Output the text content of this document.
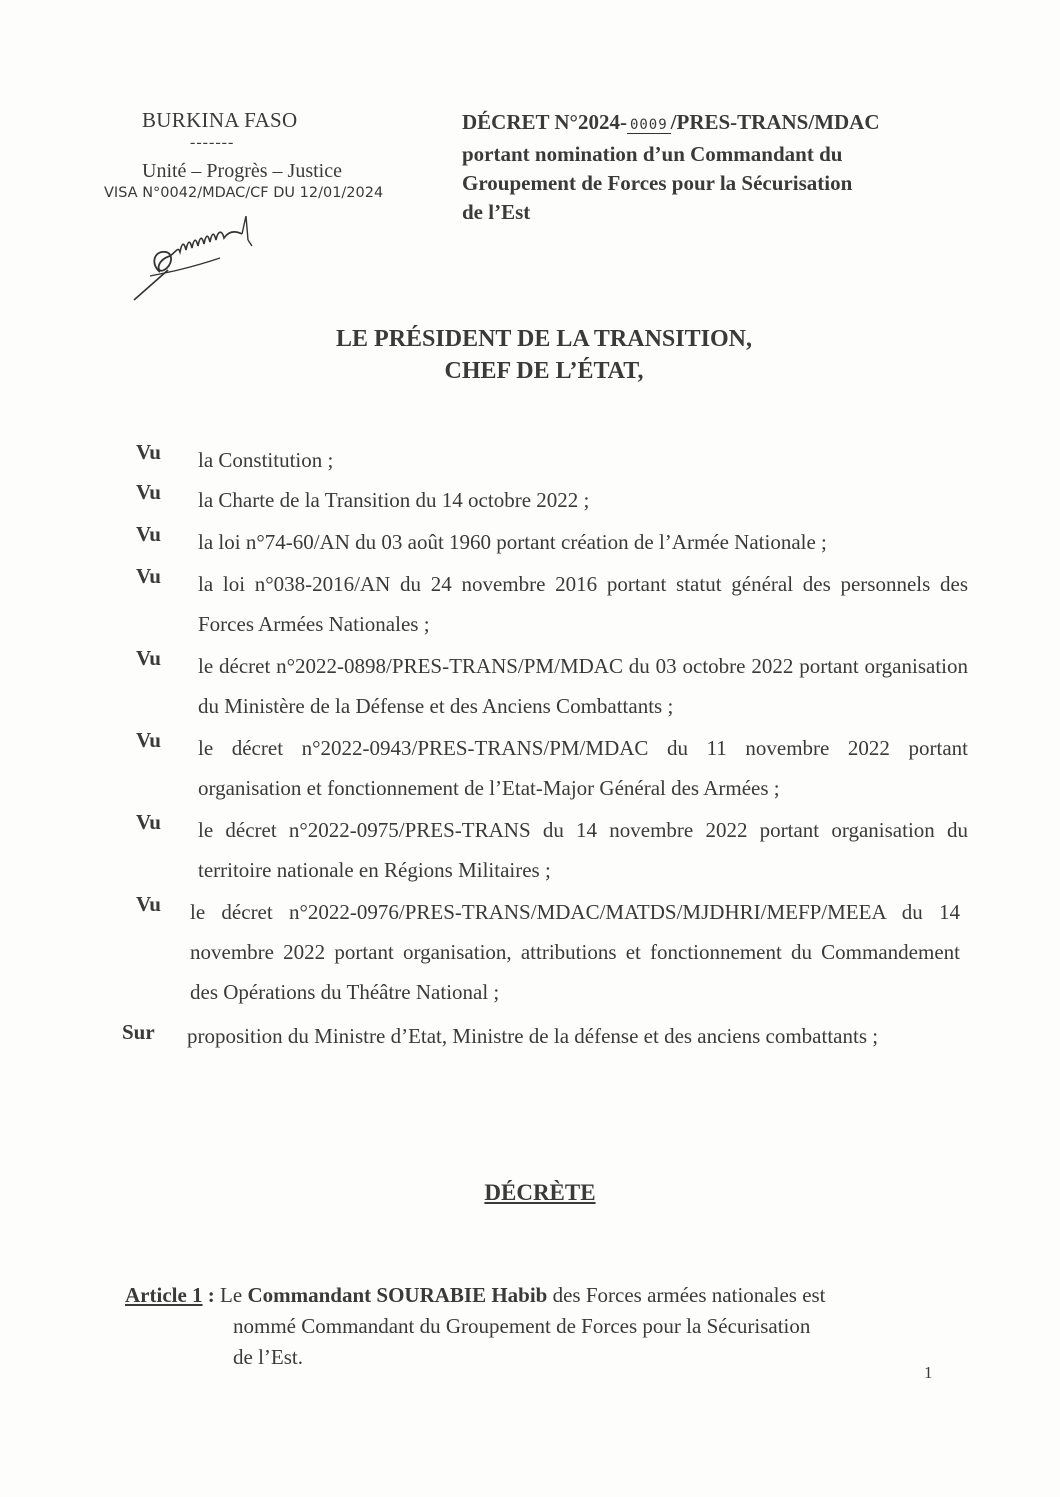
BURKINA FASO
-------
Unité – Progrès – Justice
VISA N°0042/MDAC/CF DU 12/01/2024
DÉCRET N°2024- 0009 /PRES-TRANS/MDAC
portant nomination d’un Commandant du
Groupement de Forces pour la Sécurisation
de l’Est
LE PRÉSIDENT DE LA TRANSITION,
CHEF DE L’ÉTAT,
Vu la Constitution ;
Vu la Charte de la Transition du 14 octobre 2022 ;
Vu la loi n°74-60/AN du 03 août 1960 portant création de l’Armée Nationale ;
Vu la loi n°038-2016/AN du 24 novembre 2016 portant statut général des personnels des Forces Armées Nationales ;
Vu le décret n°2022-0898/PRES-TRANS/PM/MDAC du 03 octobre 2022 portant organisation du Ministère de la Défense et des Anciens Combattants ;
Vu le décret n°2022-0943/PRES-TRANS/PM/MDAC du 11 novembre 2022 portant organisation et fonctionnement de l’Etat-Major Général des Armées ;
Vu le décret n°2022-0975/PRES-TRANS du 14 novembre 2022 portant organisation du territoire nationale en Régions Militaires ;
Vu le décret n°2022-0976/PRES-TRANS/MDAC/MATDS/MJDHRI/MEFP/MEEA du 14 novembre 2022 portant organisation, attributions et fonctionnement du Commandement des Opérations du Théâtre National ;
Sur proposition du Ministre d’Etat, Ministre de la défense et des anciens combattants ;
DÉCRÈTE
Article 1 : Le Commandant SOURABIE Habib des Forces armées nationales est
nommé Commandant du Groupement de Forces pour la Sécurisation
de l’Est.
1
